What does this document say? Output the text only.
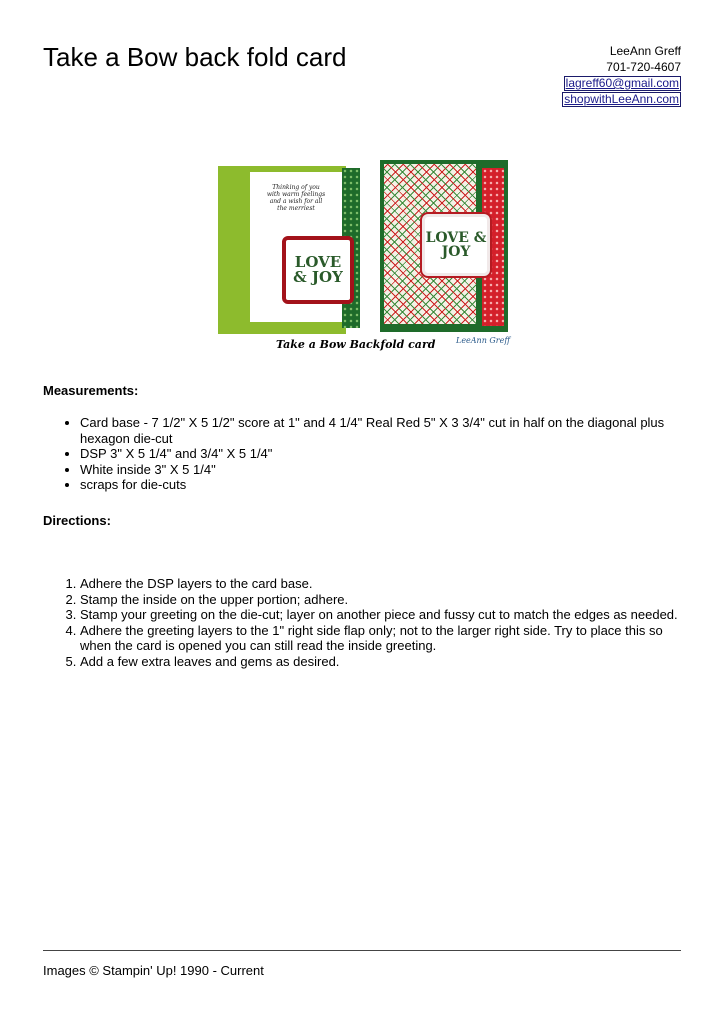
Take a Bow back fold card	LeeAnn Greff
701-720-4607
lagreff60@gmail.com
shopwithLeeAnn.com
Thinking of you with warm feelings and a wish for all the merriest
LOVE & JOY
LOVE & JOY
Take a Bow Backfold card	LeeAnn Greff
Measurements:
• Card base - 7 1/2" X 5 1/2" score at 1" and 4 1/4" Real Red 5" X 3 3/4" cut in half on the diagonal plus hexagon die-cut
• DSP 3" X 5 1/4" and 3/4" X 5 1/4"
• White inside 3" X 5 1/4"
• scraps for die-cuts
Directions:
1. Adhere the DSP layers to the card base.
2. Stamp the inside on the upper portion; adhere.
3. Stamp your greeting on the die-cut; layer on another piece and fussy cut to match the edges as needed.
4. Adhere the greeting layers to the 1" right side flap only; not to the larger right side. Try to place this so when the card is opened you can still read the inside greeting.
5. Add a few extra leaves and gems as desired.
Images © Stampin' Up! 1990 - Current
